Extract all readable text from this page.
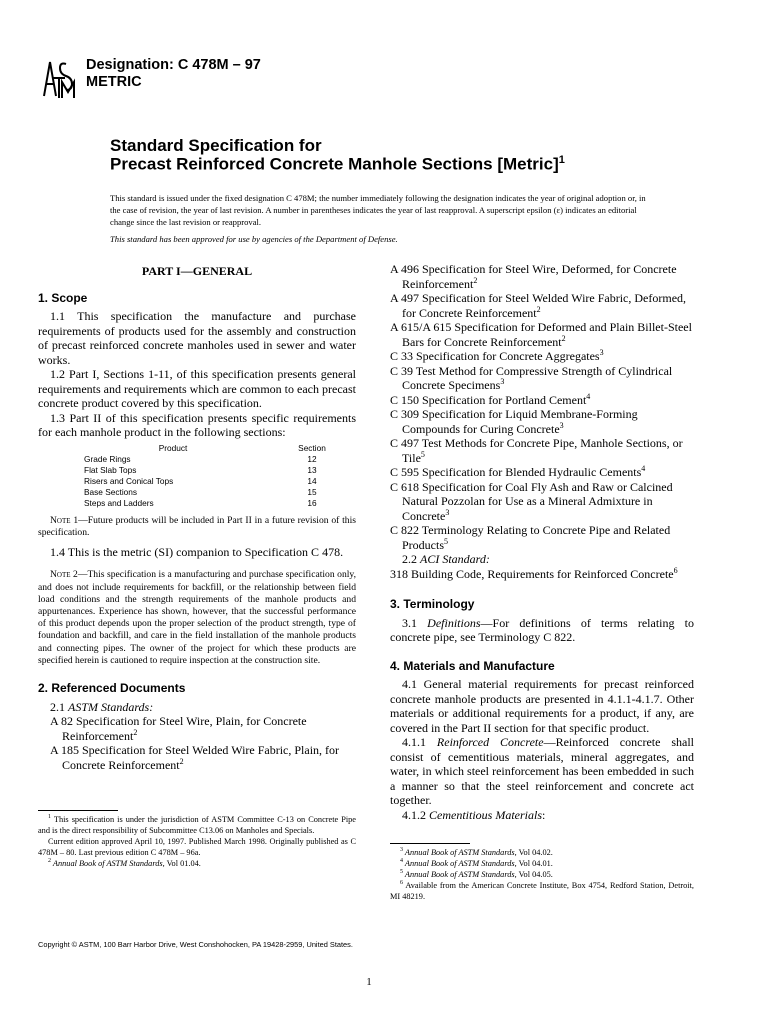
Designation: C 478M – 97
METRIC
Standard Specification for
Precast Reinforced Concrete Manhole Sections [Metric]$^1$

This standard is issued under the fixed designation C 478M; the number immediately following the designation indicates the year of original adoption or, in the case of revision, the year of last revision. A number in parentheses indicates the year of last reapproval. A superscript epsilon (ε) indicates an editorial change since the last revision or reapproval.

This standard has been approved for use by agencies of the Department of Defense.

PART I—GENERAL

1. Scope

1.1 This specification the manufacture and purchase requirements of products used for the assembly and construction of precast reinforced concrete manholes used in sewer and water works.

1.2 Part I, Sections 1-11, of this specification presents general requirements and requirements which are common to each precast concrete product covered by this specification.

1.3 Part II of this specification presents specific requirements for each manhole product in the following sections:

Product	Section
Grade Rings	12
Flat Slab Tops	13
Risers and Conical Tops	14
Base Sections	15
Steps and Ladders	16

Note 1—Future products will be included in Part II in a future revision of this specification.

1.4 This is the metric (SI) companion to Specification C 478.

Note 2—This specification is a manufacturing and purchase specification only, and does not include requirements for backfill, or the relationship between field load conditions and the strength requirements of the manhole products and appurtenances. Experience has shown, however, that the successful performance of this product depends upon the proper selection of the product strength, type of foundation and backfill, and care in the field installation of the manhole products and connecting pipes. The owner of the project for which these products are specified herein is cautioned to require inspection at the construction site.

2. Referenced Documents

2.1 ASTM Standards:

A 82 Specification for Steel Wire, Plain, for Concrete Reinforcement$^2$

A 185 Specification for Steel Welded Wire Fabric, Plain, for Concrete Reinforcement$^2$

A 496 Specification for Steel Wire, Deformed, for Concrete Reinforcement$^2$

A 497 Specification for Steel Welded Wire Fabric, Deformed, for Concrete Reinforcement$^2$

A 615/A 615 Specification for Deformed and Plain Billet-Steel Bars for Concrete Reinforcement$^2$

C 33 Specification for Concrete Aggregates$^3$

C 39 Test Method for Compressive Strength of Cylindrical Concrete Specimens$^3$

C 150 Specification for Portland Cement$^4$

C 309 Specification for Liquid Membrane-Forming Compounds for Curing Concrete$^3$

C 497 Test Methods for Concrete Pipe, Manhole Sections, or Tile$^5$

C 595 Specification for Blended Hydraulic Cements$^4$

C 618 Specification for Coal Fly Ash and Raw or Calcined Natural Pozzolan for Use as a Mineral Admixture in Concrete$^3$

C 822 Terminology Relating to Concrete Pipe and Related Products$^5$

2.2 ACI Standard:

318 Building Code, Requirements for Reinforced Concrete$^6$

3. Terminology

3.1 Definitions—For definitions of terms relating to concrete pipe, see Terminology C 822.

4. Materials and Manufacture

4.1 General material requirements for precast reinforced concrete manhole products are presented in 4.1.1-4.1.7. Other materials or additional requirements for a product, if any, are covered in the Part II section for that specific product.

4.1.1 Reinforced Concrete—Reinforced concrete shall consist of cementitious materials, mineral aggregates, and water, in which steel reinforcement has been embedded in such a manner so that the steel reinforcement and concrete act together.

4.1.2 Cementitious Materials:

$^1$ This specification is under the jurisdiction of ASTM Committee C-13 on Concrete Pipe and is the direct responsibility of Subcommittee C13.06 on Manholes and Specials.

Current edition approved April 10, 1997. Published March 1998. Originally published as C 478M – 80. Last previous edition C 478M – 96a.

$^2$ Annual Book of ASTM Standards, Vol 01.04.

$^3$ Annual Book of ASTM Standards, Vol 04.02.

$^4$ Annual Book of ASTM Standards, Vol 04.01.

$^5$ Annual Book of ASTM Standards, Vol 04.05.

$^6$ Available from the American Concrete Institute, Box 4754, Redford Station, Detroit, MI 48219.

Copyright © ASTM, 100 Barr Harbor Drive, West Conshohocken, PA 19428-2959, United States.
1
